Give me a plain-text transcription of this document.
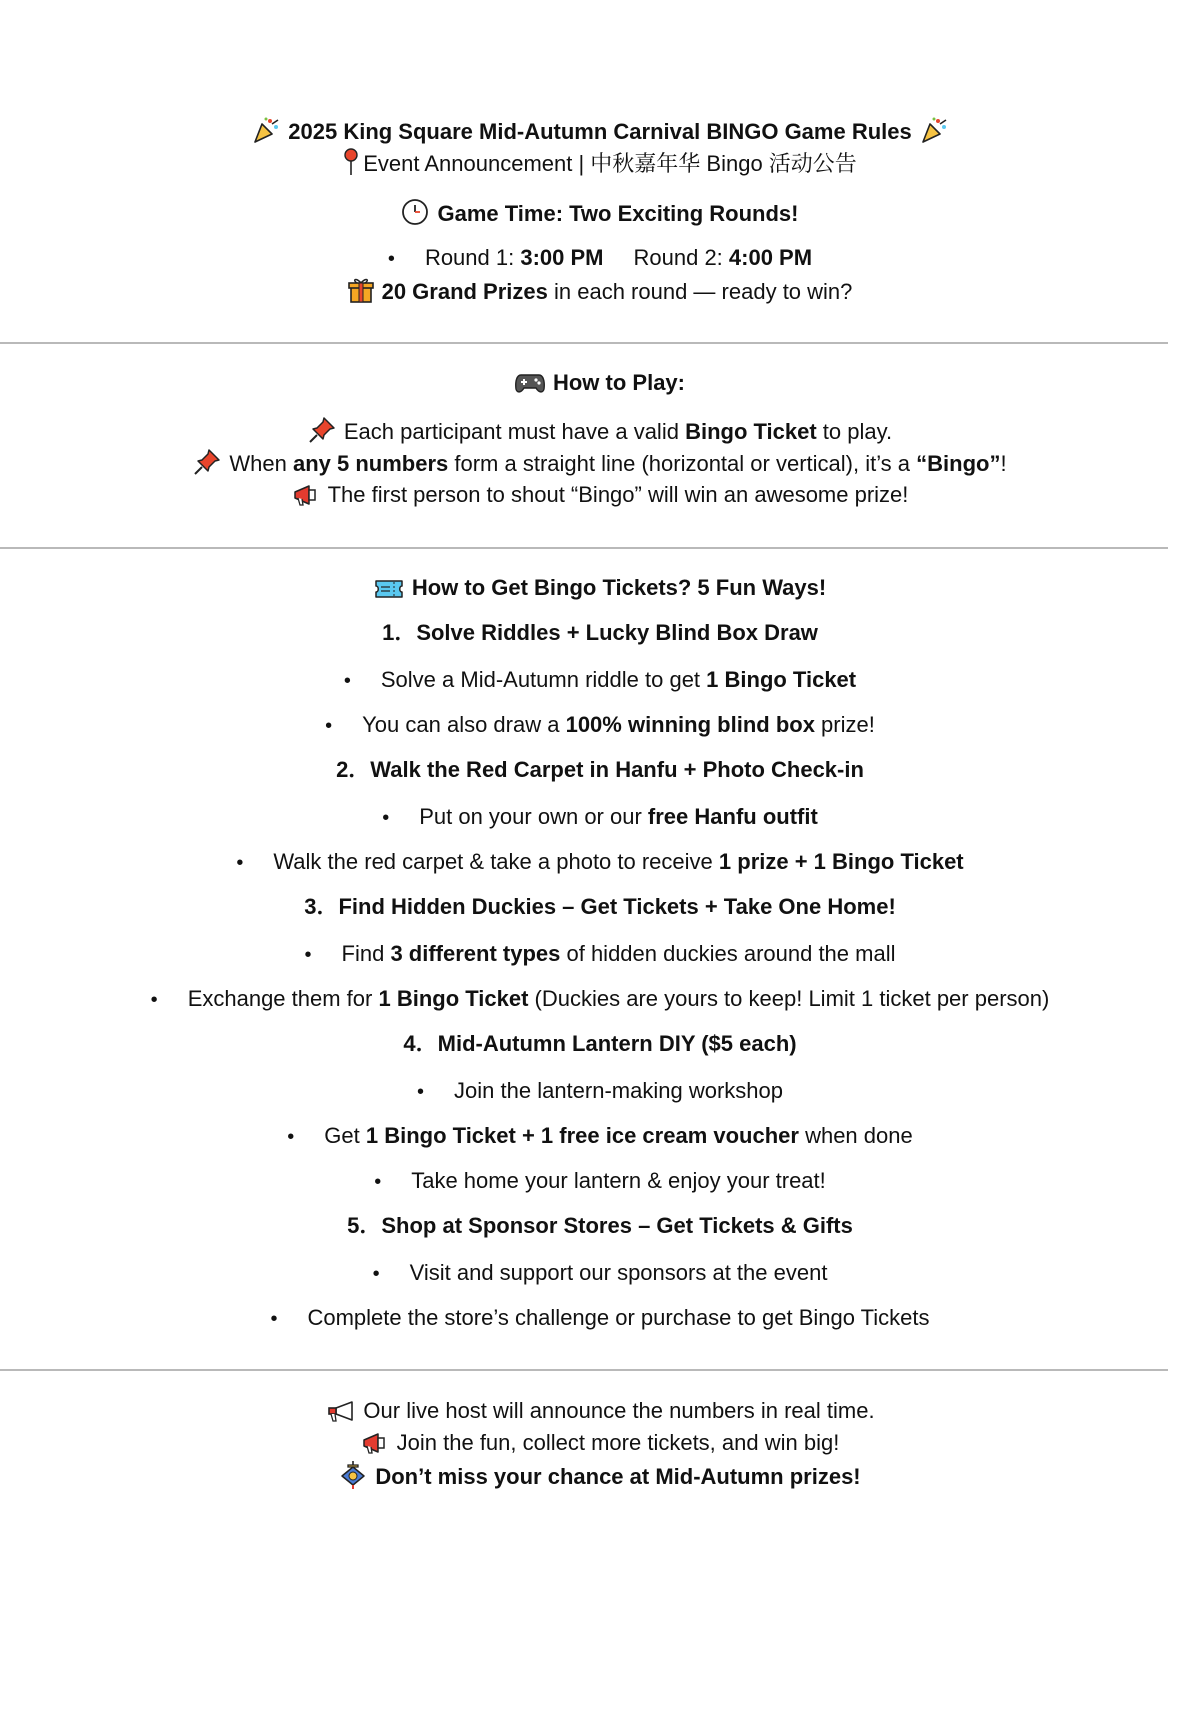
2025 King Square Mid-Autumn Carnival BINGO Game Rules
Event Announcement | 中秋嘉年华 Bingo 活动公告
Game Time: Two Exciting Rounds!
• Round 1: 3:00 PM Round 2: 4:00 PM
20 Grand Prizes in each round — ready to win?
How to Play:
Each participant must have a valid Bingo Ticket to play.
When any 5 numbers form a straight line (horizontal or vertical), it’s a “Bingo”!
The first person to shout “Bingo” will win an awesome prize!
How to Get Bingo Tickets? 5 Fun Ways!
1．Solve Riddles + Lucky Blind Box Draw
• Solve a Mid-Autumn riddle to get 1 Bingo Ticket
• You can also draw a 100% winning blind box prize!
2．Walk the Red Carpet in Hanfu + Photo Check-in
• Put on your own or our free Hanfu outfit
• Walk the red carpet & take a photo to receive 1 prize + 1 Bingo Ticket
3．Find Hidden Duckies – Get Tickets + Take One Home!
• Find 3 different types of hidden duckies around the mall
• Exchange them for 1 Bingo Ticket (Duckies are yours to keep! Limit 1 ticket per person)
4．Mid-Autumn Lantern DIY ($5 each)
• Join the lantern-making workshop
• Get 1 Bingo Ticket + 1 free ice cream voucher when done
• Take home your lantern & enjoy your treat!
5．Shop at Sponsor Stores – Get Tickets & Gifts
• Visit and support our sponsors at the event
• Complete the store’s challenge or purchase to get Bingo Tickets
Our live host will announce the numbers in real time.
Join the fun, collect more tickets, and win big!
Don’t miss your chance at Mid-Autumn prizes!
